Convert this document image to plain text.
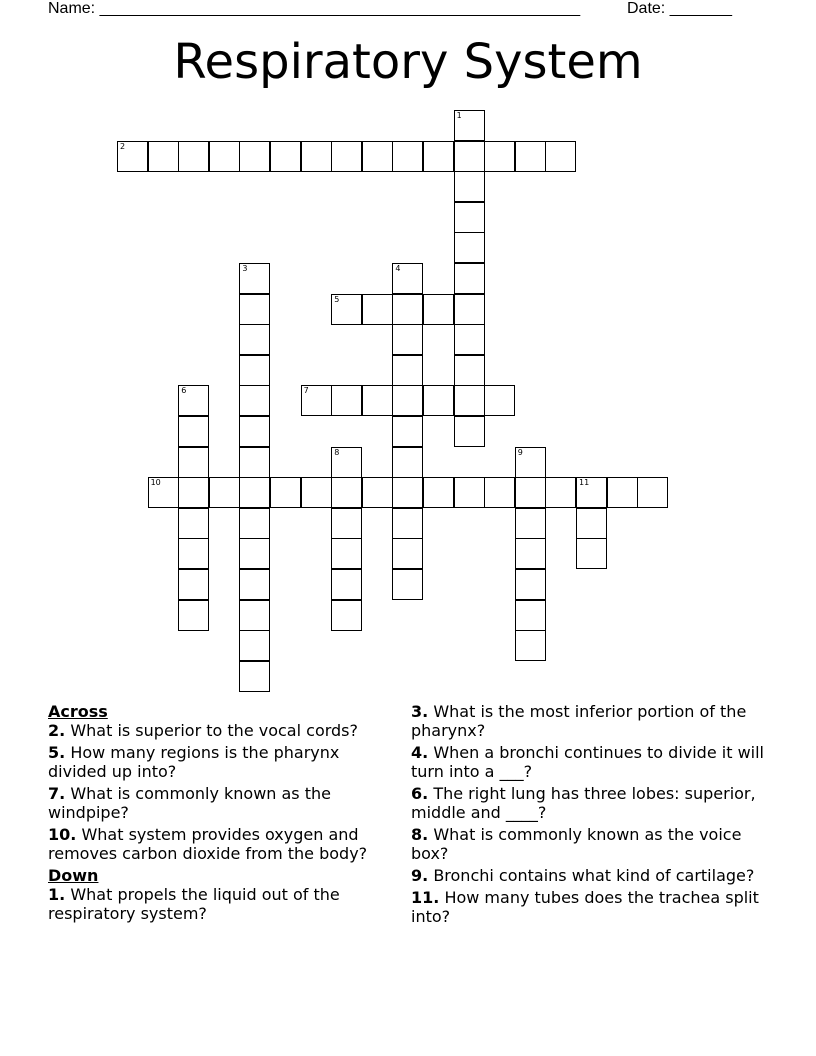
Name: ______________________________________________________	Date: _______
Respiratory System
1
2
3	4
5
6	7
8	9
10	11
Across
2. What is superior to the vocal cords?
5. How many regions is the pharynx divided up into?
7. What is commonly known as the windpipe?
10. What system provides oxygen and removes carbon dioxide from the body?
Down
1. What propels the liquid out of the respiratory system?
3. What is the most inferior portion of the pharynx?
4. When a bronchi continues to divide it will turn into a ___?
6. The right lung has three lobes: superior, middle and ____?
8. What is commonly known as the voice box?
9. Bronchi contains what kind of cartilage?
11. How many tubes does the trachea split into?
